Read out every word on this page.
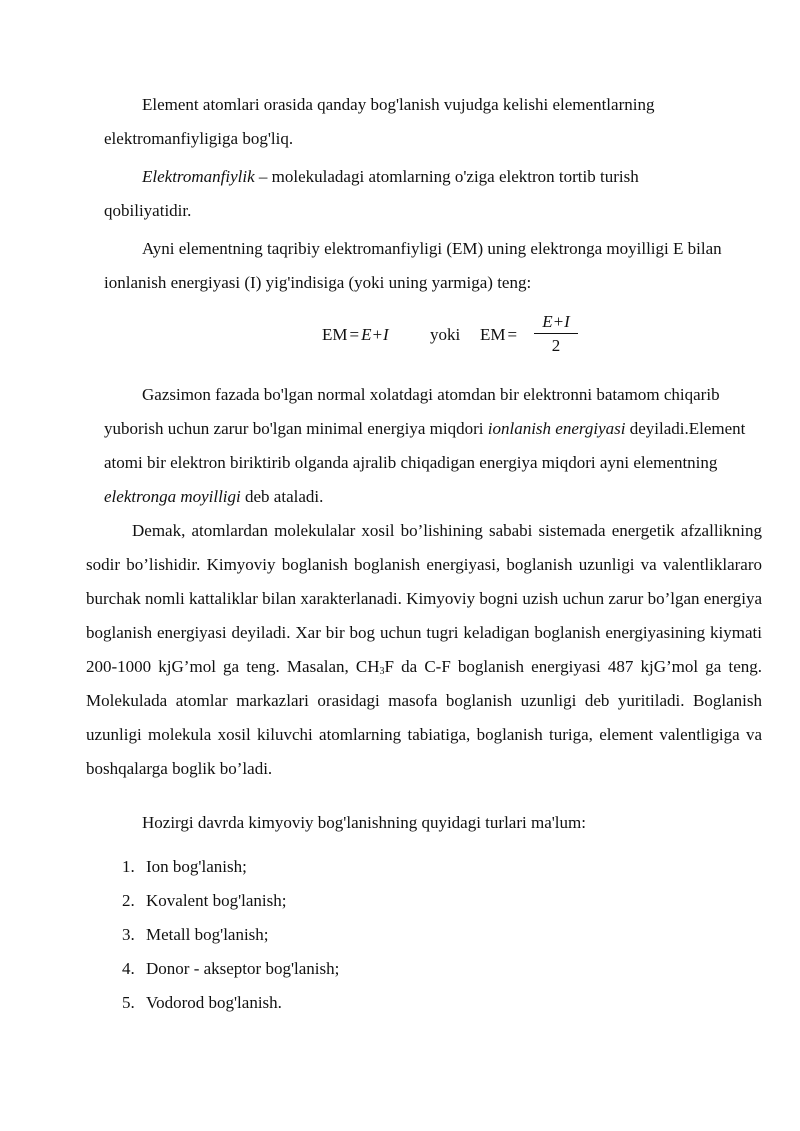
Element atomlari orasida qanday bog'lanish vujudga kelishi elementlarning elektromanfiyligiga bog'liq.

Elektromanfiylik – molekuladagi atomlarning o'ziga elektron tortib turish qobiliyatidir.

Ayni elementning taqribiy elektromanfiyligi (EM) uning elektronga moyilligi E bilan ionlanish energiyasi (I) yig'indisiga (yoki uning yarmiga) teng:

EM = E+I yoki EM = $\frac{E+I}{2}$

Gazsimon fazada bo'lgan normal xolatdagi atomdan bir elektronni batamom chiqarib yuborish uchun zarur bo'lgan minimal energiya miqdori ionlanish energiyasi deyiladi.Element atomi bir elektron biriktirib olganda ajralib chiqadigan energiya miqdori ayni elementning elektronga moyilligi deb ataladi.

Demak, atomlardan molekulalar xosil bo’lishining sababi sistemada energetik afzallikning sodir bo’lishidir. Kimyoviy boglanish boglanish energiyasi, boglanish uzunligi va valentliklararo burchak nomli kattaliklar bilan xarakterlanadi. Kimyoviy bogni uzish uchun zarur bo’lgan energiya boglanish energiyasi deyiladi. Xar bir bog uchun tugri keladigan boglanish energiyasining kiymati 200-1000 kjG’mol ga teng. Masalan, $CH_3F$ da C-F boglanish energiyasi 487 kjG’mol ga teng. Molekulada atomlar markazlari orasidagi masofa boglanish uzunligi deb yuritiladi. Boglanish uzunligi molekula xosil kiluvchi atomlarning tabiatiga, boglanish turiga, element valentligiga va boshqalarga boglik bo’ladi.

Hozirgi davrda kimyoviy bog'lanishning quyidagi turlari ma'lum:

1. Ion bog'lanish;
2. Kovalent bog'lanish;
3. Metall bog'lanish;
4. Donor - akseptor bog'lanish;
5. Vodorod bog'lanish.
